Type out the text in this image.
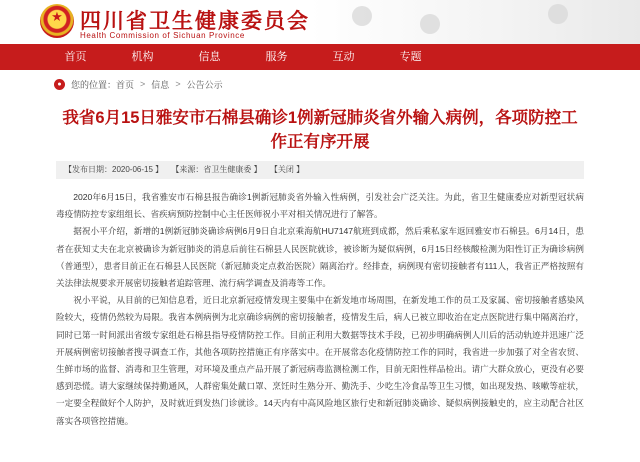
★ 四川省卫生健康委员会
Health Commission of Sichuan Province
首页	机构	信息	服务	互动	专题
●	您的位置： 首页 > 信息 > 公告公示
我省6月15日雅安市石棉县确诊1例新冠肺炎省外输入病例，各项防控工作正有序开展
【发布日期：2020-06-15 】 【来源：省卫生健康委 】 【关闭 】

2020年6月15日，我省雅安市石棉县报告确诊1例新冠肺炎省外输入性病例，引发社会广泛关注。为此，省卫生健康委应对新型冠状病毒疫情防控专家组组长、省疾病预防控制中心主任医师祝小平对相关情况进行了解答。

据祝小平介绍，新增的1例新冠肺炎确诊病例6月9日自北京乘海航HU7147航班到成都，然后乘私家车返回雅安市石棉县。6月14日，患者在获知丈夫在北京被确诊为新冠肺炎的消息后前往石棉县人民医院就诊，被诊断为疑似病例，6月15日经核酸检测为阳性订正为确诊病例（普通型），患者目前正在石棉县人民医院（新冠肺炎定点救治医院）隔离治疗。经排查，病例现有密切接触者有111人，我省正严格按照有关法律法规要求开展密切接触者追踪管理、流行病学调查及消毒等工作。

祝小平说，从目前的已知信息看，近日北京新冠疫情发现主要集中在新发地市场周围，在新发地工作的员工及家属、密切接触者感染风险较大，疫情仍然较为局限。我省本例病例为北京确诊病例的密切接触者，疫情发生后，病人已被立即收治在定点医院进行集中隔离治疗，同时已第一时间派出省级专家组赴石棉县指导疫情防控工作。目前正利用大数据等技术手段，已初步明确病例人川后的活动轨迹并迅速广泛开展病例密切接触者搜寻调查工作，其他各项防控措施正有序落实中。在开展常态化疫情防控工作的同时，我省进一步加强了对全省农贸、生鲜市场的监督、消毒和卫生管理，对环境及重点产品开展了新冠病毒监测检测工作，目前无阳性样品检出。请广大群众放心，更没有必要感到恐慌。请大家继续保持勤通风，人群密集处戴口罩、烹饪时生熟分开、勤洗手、少吃生冷食品等卫生习惯，如出现发热、咳嗽等症状，一定要全程做好个人防护，及时就近到发热门诊就诊。14天内有中高风险地区旅行史和新冠肺炎确诊、疑似病例接触史的，应主动配合社区落实各项管控措施。
